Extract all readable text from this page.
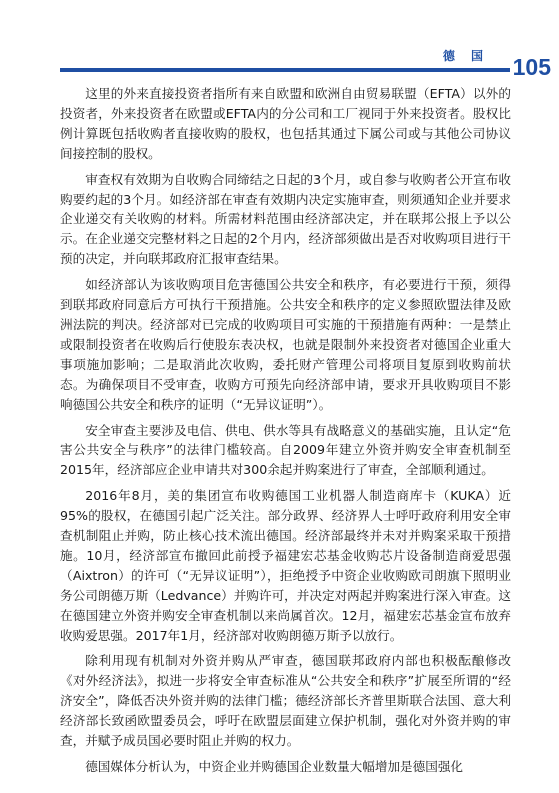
德 国 105

这里的外来直接投资者指所有来自欧盟和欧洲自由贸易联盟（EFTA）以外的投资者，外来投资者在欧盟或EFTA内的分公司和工厂视同于外来投资者。股权比例计算既包括收购者直接收购的股权，也包括其通过下属公司或与其他公司协议间接控制的股权。

审查权有效期为自收购合同缔结之日起的3个月，或自参与收购者公开宣布收购要约起的3个月。如经济部在审查有效期内决定实施审查，则须通知企业并要求企业递交有关收购的材料。所需材料范围由经济部决定，并在联邦公报上予以公示。在企业递交完整材料之日起的2个月内，经济部须做出是否对收购项目进行干预的决定，并向联邦政府汇报审查结果。

如经济部认为该收购项目危害德国公共安全和秩序，有必要进行干预，须得到联邦政府同意后方可执行干预措施。公共安全和秩序的定义参照欧盟法律及欧洲法院的判决。经济部对已完成的收购项目可实施的干预措施有两种：一是禁止或限制投资者在收购后行使股东表决权，也就是限制外来投资者对德国企业重大事项施加影响；二是取消此次收购，委托财产管理公司将项目复原到收购前状态。为确保项目不受审查，收购方可预先向经济部申请，要求开具收购项目不影响德国公共安全和秩序的证明（“无异议证明”）。

安全审查主要涉及电信、供电、供水等具有战略意义的基础实施，且认定“危害公共安全与秩序”的法律门槛较高。自2009年建立外资并购安全审查机制至2015年，经济部应企业申请共对300余起并购案进行了审查，全部顺利通过。

2016年8月，美的集团宣布收购德国工业机器人制造商库卡（KUKA）近95%的股权，在德国引起广泛关注。部分政界、经济界人士呼吁政府利用安全审查机制阻止并购，防止核心技术流出德国。经济部最终并未对并购案采取干预措施。10月，经济部宣布撤回此前授予福建宏芯基金收购芯片设备制造商爱思强（Aixtron）的许可（“无异议证明”），拒绝授予中资企业收购欧司朗旗下照明业务公司朗德万斯（Ledvance）并购许可，并决定对两起并购案进行深入审查。这在德国建立外资并购安全审查机制以来尚属首次。12月，福建宏芯基金宣布放弃收购爱思强。2017年1月，经济部对收购朗德万斯予以放行。

除利用现有机制对外资并购从严审查，德国联邦政府内部也积极酝酿修改《对外经济法》，拟进一步将安全审查标准从“公共安全和秩序”扩展至所谓的“经济安全”，降低否决外资并购的法律门槛；德经济部长齐普里斯联合法国、意大利经济部长致函欧盟委员会，呼吁在欧盟层面建立保护机制，强化对外资并购的审查，并赋予成员国必要时阻止并购的权力。

德国媒体分析认为，中资企业并购德国企业数量大幅增加是德国强化
